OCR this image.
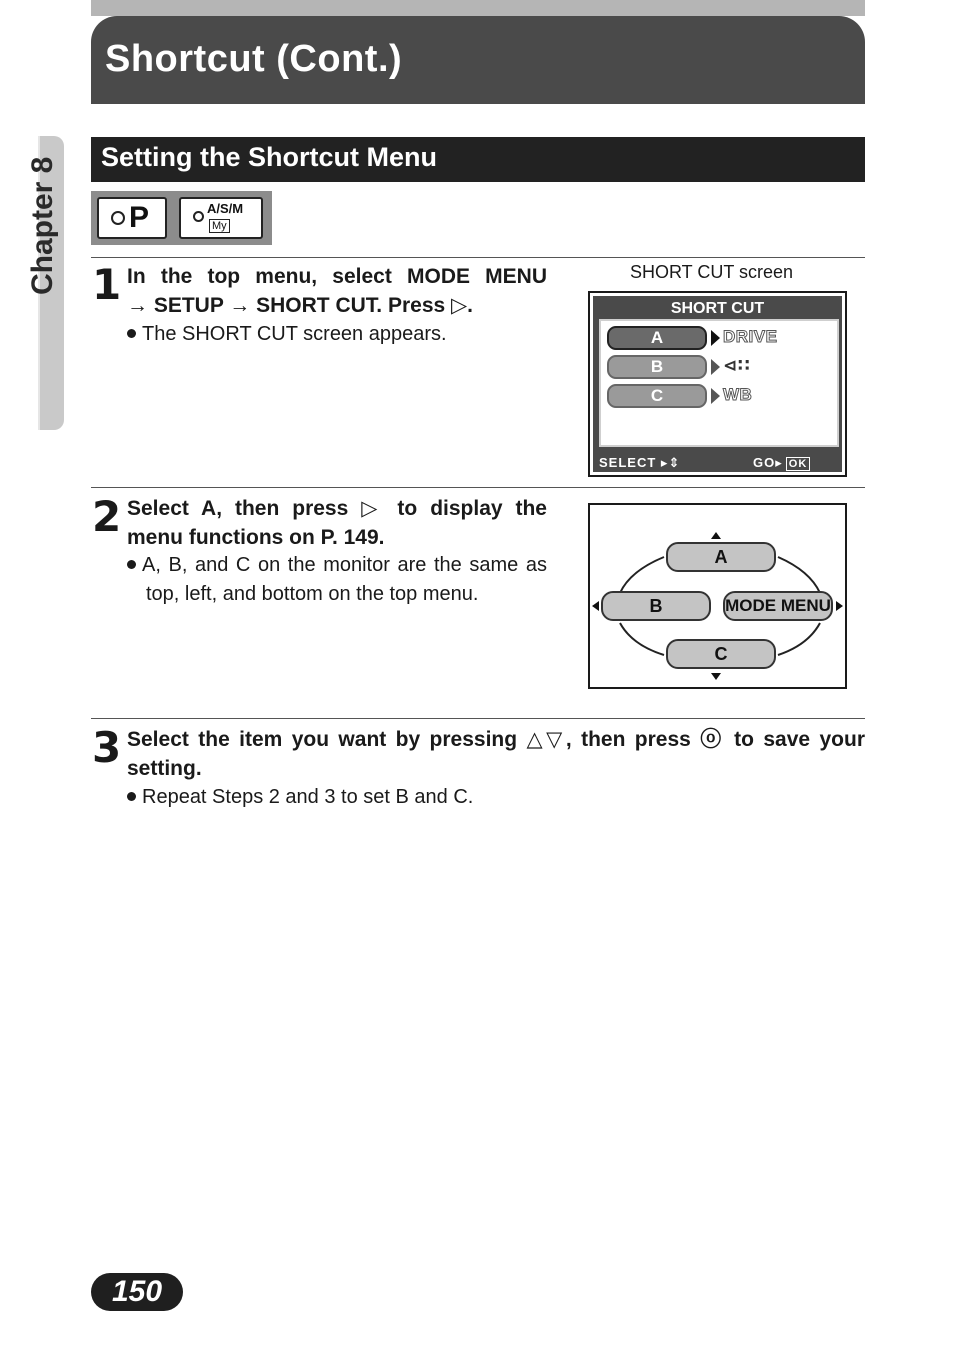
Shortcut (Cont.)
Chapter 8 Setting the Shortcut Menu
P	A/S/M
My
1 In the top menu, select MODE MENU
→ SETUP → SHORT CUT. Press ▷.
The SHORT CUT screen appears.
SHORT CUT screen
SHORT CUT
A	DRIVE
B	⊲∷
C	WB
SELECT ▸⇕	GO▸ OK
2 Select A, then press ▷ to display the menu functions on P. 149.
A, B, and C on the monitor are the same as top, left, and bottom on the top menu.
A
B	MODE MENU
C
3 Select the item you want by pressing △▽, then press ⓞ to save your setting.
Repeat Steps 2 and 3 to set B and C.
150
